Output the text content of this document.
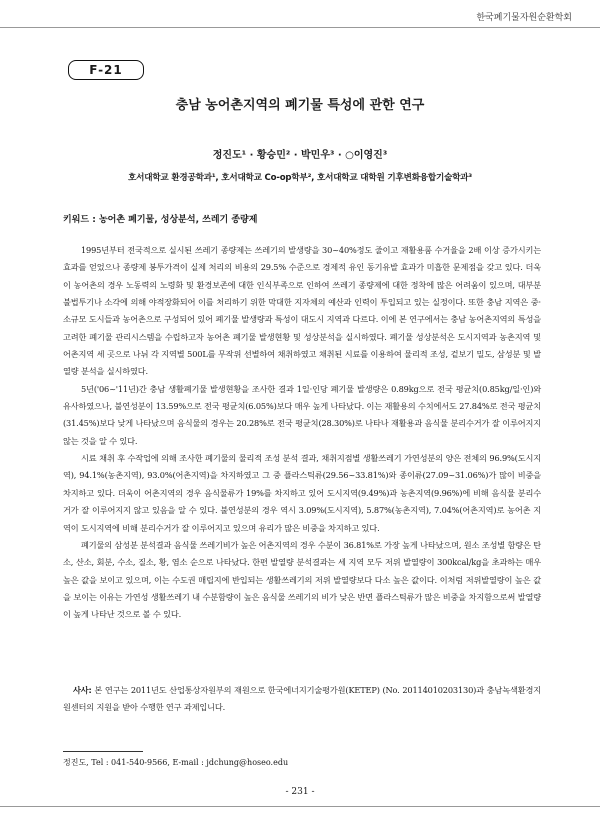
한국폐기물자원순환학회
F-21
충남 농어촌지역의 폐기물 특성에 관한 연구
정진도¹ · 황승민² · 박민우³ · ○이영진³
호서대학교 환경공학과¹, 호서대학교 Co-op학부², 호서대학교 대학원 기후변화융합기술학과³
키워드 : 농어촌 폐기물, 성상분석, 쓰레기 종량제

1995년부터 전국적으로 실시된 쓰레기 종량제는 쓰레기의 발생량을 30~40%정도 줄이고 재활용품 수거율을 2배 이상 증가시키는 효과를 얻었으나 종량제 봉투가격이 실제 처리의 비용의 29.5% 수준으로 경제적 유인 동기유발 효과가 미흡한 문제점을 갖고 있다. 더욱이 농어촌의 경우 노동력의 노령화 및 환경보존에 대한 인식부족으로 인하여 쓰레기 종량제에 대한 정착에 많은 어려움이 있으며, 대부분 불법투기나 소각에 의해 야적장화되어 이를 처리하기 위한 막대한 지자체의 예산과 인력이 투입되고 있는 실정이다. 또한 충남 지역은 중·소규모 도시들과 농어촌으로 구성되어 있어 폐기물 발생량과 특성이 대도시 지역과 다르다. 이에 본 연구에서는 충남 농어촌지역의 특성을 고려한 폐기물 관리시스템을 수립하고자 농어촌 폐기물 발생현황 및 성상분석을 실시하였다. 폐기물 성상분석은 도시지역과 농촌지역 및 어촌지역 세 곳으로 나뉘 각 지역별 500L를 무작위 선별하여 채취하였고 채취된 시료를 이용하여 물리적 조성, 겉보기 밀도, 삼성분 및 발열량 분석을 실시하였다.

5년('06~'11년)간 충남 생활폐기물 발생현황을 조사한 결과 1일·인당 폐기물 발생량은 0.89kg으로 전국 평균치(0.85kg/일·인)와 유사하였으나, 불연성분이 13.59%으로 전국 평균치(6.05%)보다 매우 높게 나타났다. 이는 재활용의 수치에서도 27.84%로 전국 평균치(31.45%)보다 낮게 나타났으며 음식물의 경우는 20.28%로 전국 평균치(28.30%)로 나타나 재활용과 음식물 분리수거가 잘 이루어지지 않는 것을 알 수 있다.

시료 채취 후 수작업에 의해 조사한 폐기물의 물리적 조성 분석 결과, 채취지점별 생활쓰레기 가연성분의 양은 전체의 96.9%(도시지역), 94.1%(농촌지역), 93.0%(어촌지역)을 차지하였고 그 중 플라스틱류(29.56~33.81%)와 종이류(27.09~31.06%)가 많이 비중을 차지하고 있다. 더욱이 어촌지역의 경우 음식물류가 19%를 차지하고 있어 도시지역(9.49%)과 농촌지역(9.96%)에 비해 음식물 분리수거가 잘 이루어지지 않고 있음을 알 수 있다. 불연성분의 경우 역시 3.09%(도시지역), 5.87%(농촌지역), 7.04%(어촌지역)로 농어촌 지역이 도시지역에 비해 분리수거가 잘 이루어지고 있으며 유리가 많은 비중을 차지하고 있다.

폐기물의 삼성분 분석결과 음식물 쓰레기비가 높은 어촌지역의 경우 수분이 36.81%로 가장 높게 나타났으며, 원소 조성별 함량은 탄소, 산소, 회분, 수소, 질소, 황, 염소 순으로 나타났다. 한편 발열량 분석결과는 세 지역 모두 저위 발열량이 300kcal/kg을 초과하는 매우 높은 값을 보이고 있으며, 이는 수도권 매립지에 반입되는 생활쓰레기의 저위 발열량보다 다소 높은 값이다. 이처럼 저위발열량이 높은 값을 보이는 이유는 가연성 생활쓰레기 내 수분함량이 높은 음식물 쓰레기의 비가 낮은 반면 플라스틱류가 많은 비중을 차지함으로써 발열량이 높게 나타난 것으로 볼 수 있다.

사사: 본 연구는 2011년도 산업통상자원부의 재원으로 한국에너지기술평가원(KETEP) (No. 20114010203130)과 충남녹색환경지원센터의 지원을 받아 수행한 연구 과제입니다.

정진도, Tel : 041-540-9566, E-mail : jdchung@hoseo.edu
- 231 -
